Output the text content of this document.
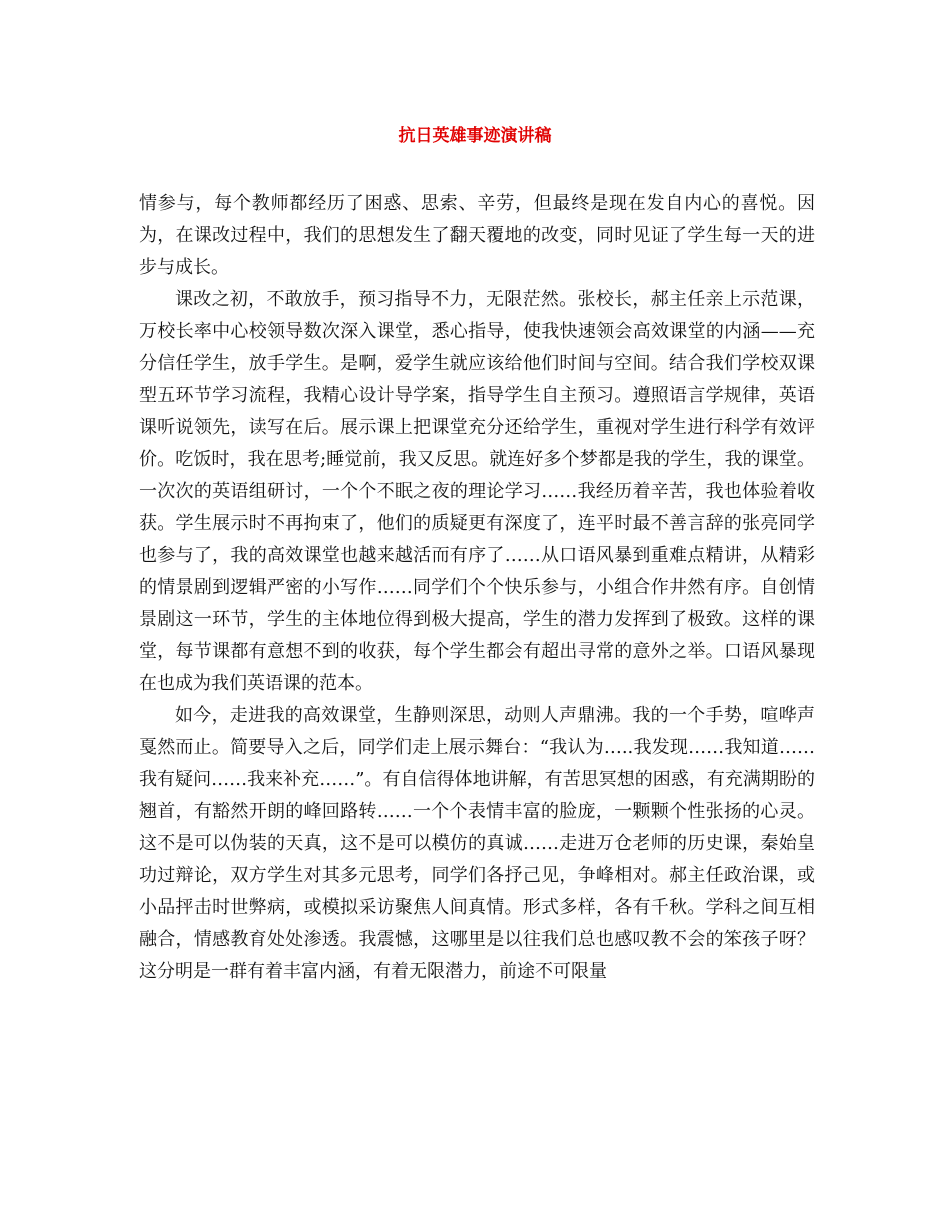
抗日英雄事迹演讲稿

情参与，每个教师都经历了困惑、思索、辛劳，但最终是现在发自内心的喜悦。因为，在课改过程中，我们的思想发生了翻天覆地的改变，同时见证了学生每一天的进步与成长。

课改之初，不敢放手，预习指导不力，无限茫然。张校长，郝主任亲上示范课，万校长率中心校领导数次深入课堂，悉心指导，使我快速领会高效课堂的内涵——充分信任学生，放手学生。是啊，爱学生就应该给他们时间与空间。结合我们学校双课型五环节学习流程，我精心设计导学案，指导学生自主预习。遵照语言学规律，英语课听说领先，读写在后。展示课上把课堂充分还给学生，重视对学生进行科学有效评价。吃饭时，我在思考;睡觉前，我又反思。就连好多个梦都是我的学生，我的课堂。一次次的英语组研讨，一个个不眠之夜的理论学习……我经历着辛苦，我也体验着收获。学生展示时不再拘束了，他们的质疑更有深度了，连平时最不善言辞的张亮同学也参与了，我的高效课堂也越来越活而有序了……从口语风暴到重难点精讲，从精彩的情景剧到逻辑严密的小写作……同学们个个快乐参与，小组合作井然有序。自创情景剧这一环节，学生的主体地位得到极大提高，学生的潜力发挥到了极致。这样的课堂，每节课都有意想不到的收获，每个学生都会有超出寻常的意外之举。口语风暴现在也成为我们英语课的范本。

如今，走进我的高效课堂，生静则深思，动则人声鼎沸。我的一个手势，喧哗声戛然而止。简要导入之后，同学们走上展示舞台：“我认为…..我发现……我知道……我有疑问……我来补充……”。有自信得体地讲解，有苦思冥想的困惑，有充满期盼的翘首，有豁然开朗的峰回路转……一个个表情丰富的脸庞，一颗颗个性张扬的心灵。这不是可以伪装的天真，这不是可以模仿的真诚……走进万仓老师的历史课，秦始皇功过辩论，双方学生对其多元思考，同学们各抒己见，争峰相对。郝主任政治课，或小品抨击时世弊病，或模拟采访聚焦人间真情。形式多样，各有千秋。学科之间互相融合，情感教育处处渗透。我震憾，这哪里是以往我们总也感叹教不会的笨孩子呀？这分明是一群有着丰富内涵，有着无限潜力，前途不可限量
